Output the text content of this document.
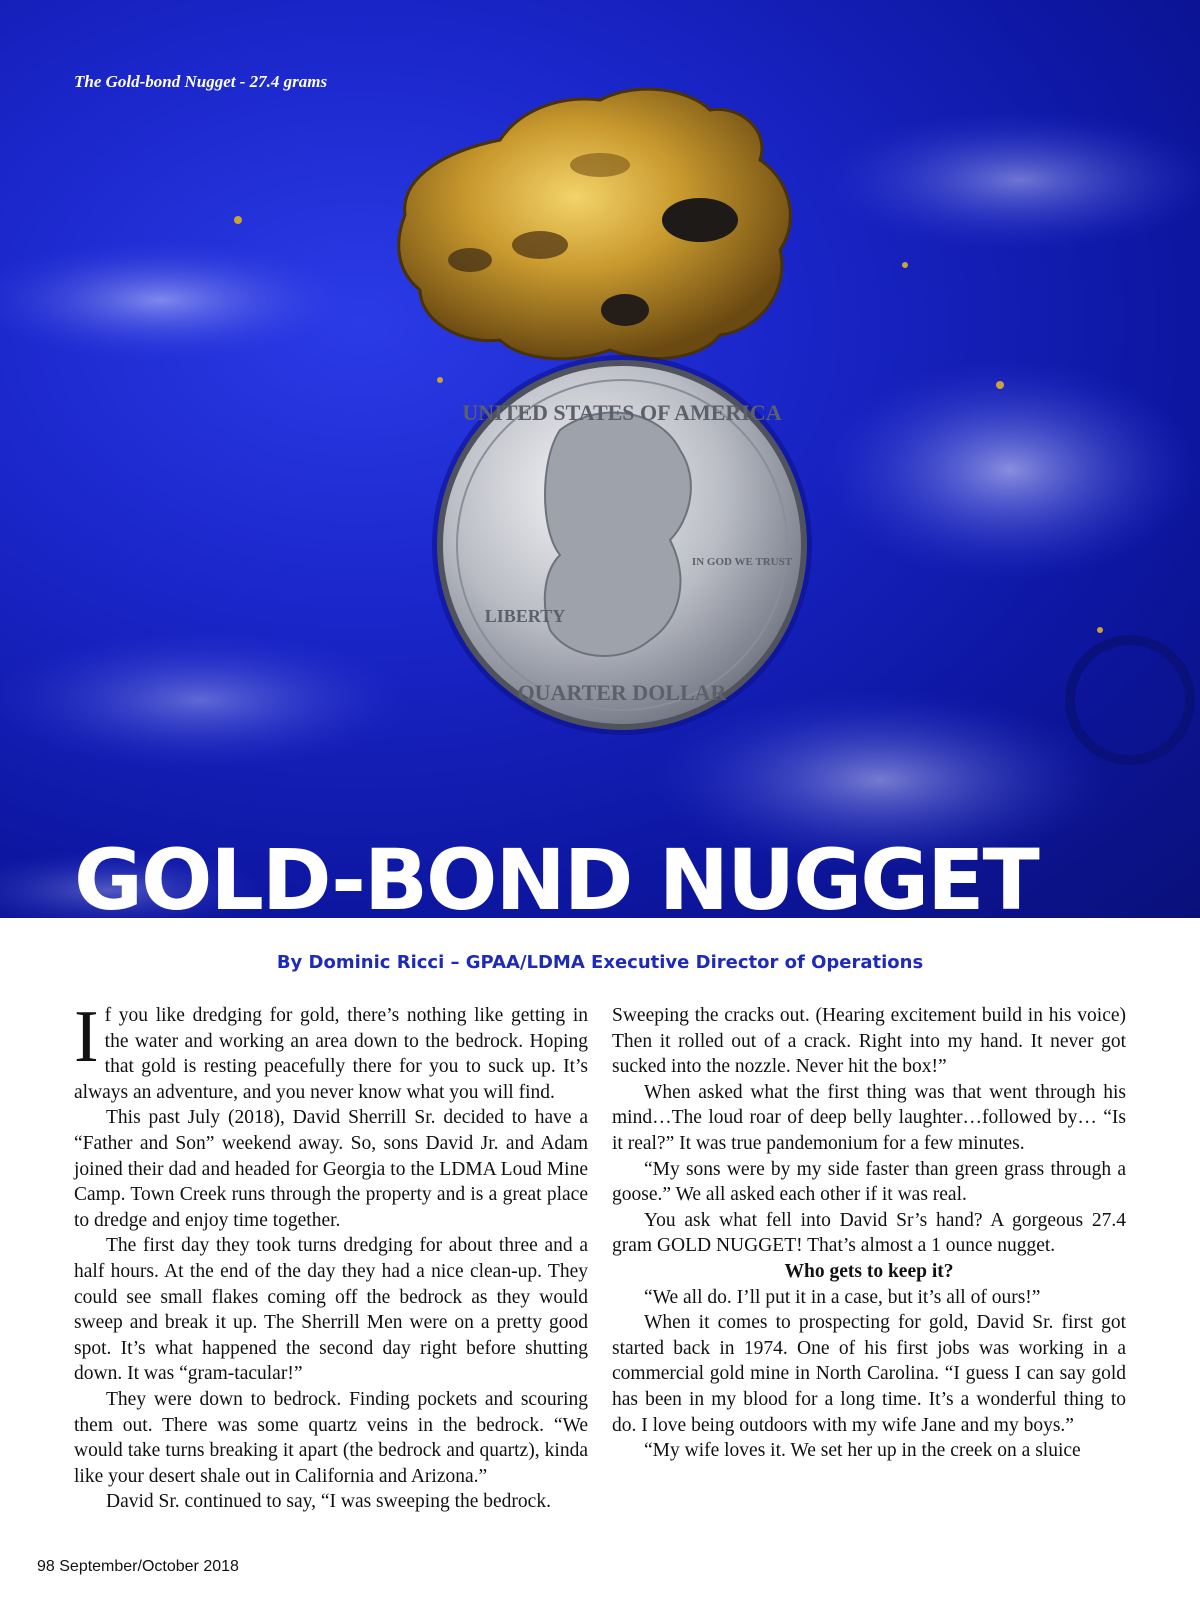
UNITED STATES OF AMERICA
LIBERTY
IN GOD WE TRUST
QUARTER DOLLAR
The Gold-bond Nugget - 27.4 grams
GOLD-BOND NUGGET
By Dominic Ricci – GPAA/LDMA Executive Director of Operations

If you like dredging for gold, there’s nothing like getting in the water and working an area down to the bedrock. Hoping that gold is resting peacefully there for you to suck up. It’s always an adventure, and you never know what you will find.

This past July (2018), David Sherrill Sr. decided to have a “Father and Son” weekend away. So, sons David Jr. and Adam joined their dad and headed for Georgia to the LDMA Loud Mine Camp. Town Creek runs through the property and is a great place to dredge and enjoy time together.

The first day they took turns dredging for about three and a half hours. At the end of the day they had a nice clean-up. They could see small flakes coming off the bedrock as they would sweep and break it up. The Sherrill Men were on a pretty good spot. It’s what happened the second day right before shutting down. It was “gram-tacular!”

They were down to bedrock. Finding pockets and scouring them out. There was some quartz veins in the bedrock. “We would take turns breaking it apart (the bedrock and quartz), kinda like your desert shale out in California and Arizona.”

David Sr. continued to say, “I was sweeping the bedrock.

Sweeping the cracks out. (Hearing excitement build in his voice) Then it rolled out of a crack. Right into my hand. It never got sucked into the nozzle. Never hit the box!”

When asked what the first thing was that went through his mind…The loud roar of deep belly laughter…followed by… “Is it real?” It was true pandemonium for a few minutes.

“My sons were by my side faster than green grass through a goose.” We all asked each other if it was real.

You ask what fell into David Sr’s hand? A gorgeous 27.4 gram GOLD NUGGET! That’s almost a 1 ounce nugget.

Who gets to keep it?

“We all do. I’ll put it in a case, but it’s all of ours!”

When it comes to prospecting for gold, David Sr. first got started back in 1974. One of his first jobs was working in a commercial gold mine in North Carolina. “I guess I can say gold has been in my blood for a long time. It’s a wonderful thing to do. I love being outdoors with my wife Jane and my boys.”

“My wife loves it. We set her up in the creek on a sluice

98 September/October 2018
